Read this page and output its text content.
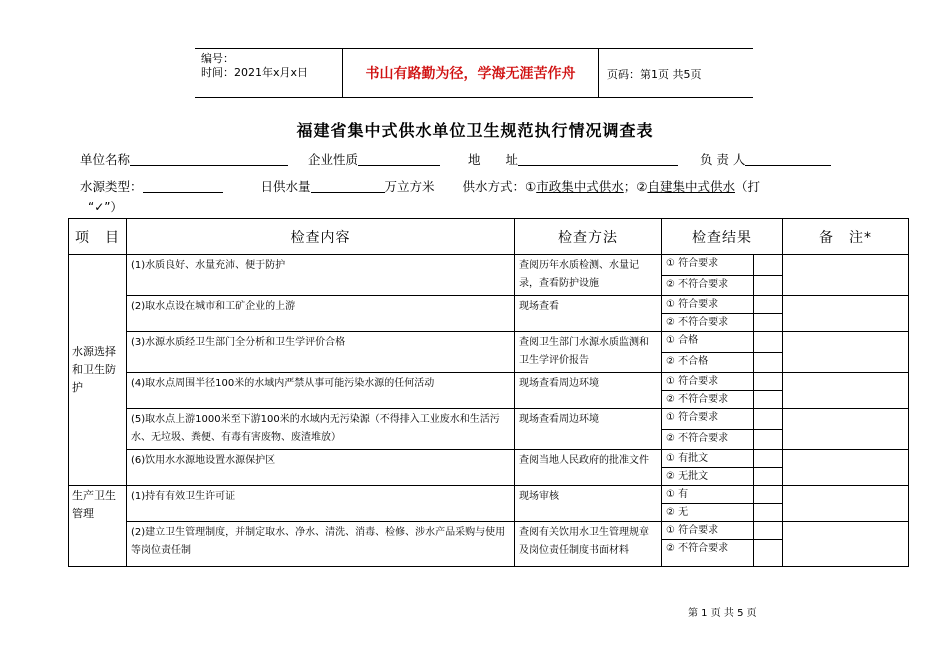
编号：
时间：2021年x月x日	书山有路勤为径，学海无涯苦作舟	页码：第1页 共5页
福建省集中式供水单位卫生规范执行情况调查表
单位名称	企业性质	地　　址	负 责 人
水源类型：	日供水量	万立方米 供水方式：①市政集中式供水；②自建集中式供水（打
“✓”）
项　目	检查内容	检查方法	检查结果		备　注*
水源选择和卫生防护	(1)水质良好、水量充沛、便于防护	查阅历年水质检测、水量记录，查看防护设施	① 符合要求		
			② 不符合要求		
	(2)取水点设在城市和工矿企业的上游	现场查看	① 符合要求		
			② 不符合要求		
	(3)水源水质经卫生部门全分析和卫生学评价合格	查阅卫生部门水源水质监测和卫生学评价报告	① 合格		
			② 不合格		
	(4)取水点周围半径100米的水域内严禁从事可能污染水源的任何活动	现场查看周边环境	① 符合要求		
			② 不符合要求		
	(5)取水点上游1000米至下游100米的水域内无污染源（不得排入工业废水和生活污水、无垃圾、粪便、有毒有害废物、废渣堆放）	现场查看周边环境	① 符合要求		
			② 不符合要求		
	(6)饮用水水源地设置水源保护区	查阅当地人民政府的批准文件	① 有批文		
			② 无批文		
生产卫生管理	(1)持有有效卫生许可证	现场审核	① 有		
			② 无		
	(2)建立卫生管理制度，并制定取水、净水、清洗、消毒、检修、涉水产品采购与使用等岗位责任制	查阅有关饮用水卫生管理规章及岗位责任制度书面材料	① 符合要求		
			② 不符合要求		
第 1 页 共 5 页
